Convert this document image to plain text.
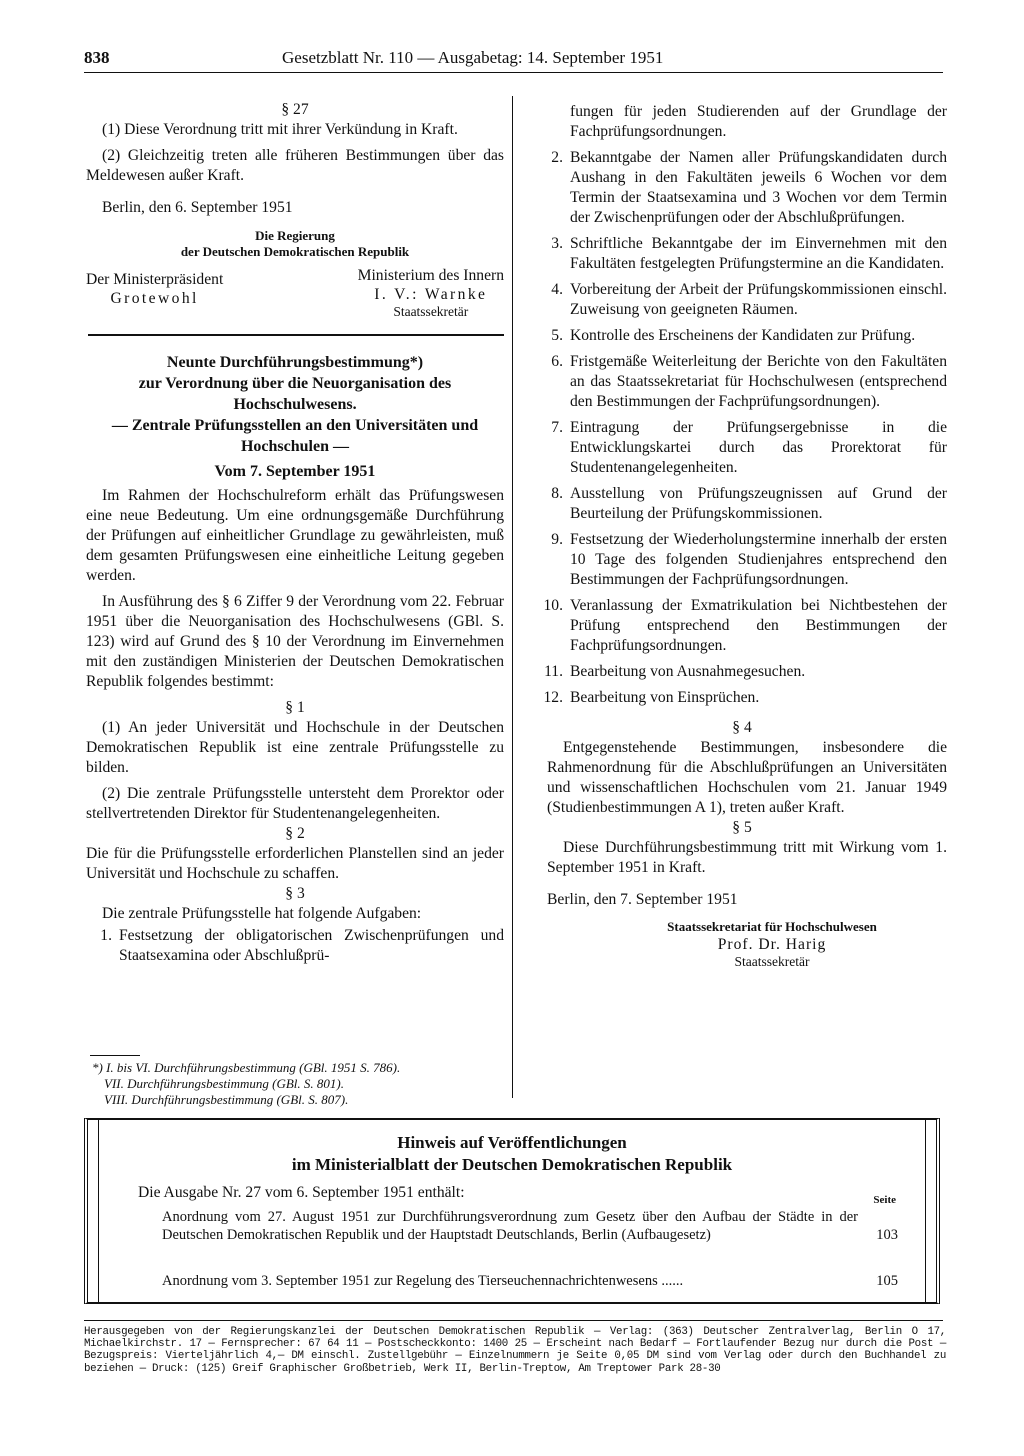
838	Gesetzblatt Nr. 110 — Ausgabetag: 14. September 1951
§ 27

(1) Diese Verordnung tritt mit ihrer Verkündung in Kraft.

(2) Gleichzeitig treten alle früheren Bestimmungen über das Meldewesen außer Kraft.

Berlin, den 6. September 1951

Die Regierung
der Deutschen Demokratischen Republik
Der Ministerpräsident
Grotewohl
Ministerium des Innern
I. V.: Warnke
Staatssekretär

Neunte Durchführungsbestimmung*)

zur Verordnung über die Neuorganisation des Hochschulwesens.

— Zentrale Prüfungsstellen an den Universitäten und Hochschulen —

Vom 7. September 1951

Im Rahmen der Hochschulreform erhält das Prüfungswesen eine neue Bedeutung. Um eine ordnungsgemäße Durchführung der Prüfungen auf einheitlicher Grundlage zu gewährleisten, muß dem gesamten Prüfungswesen eine einheitliche Leitung gegeben werden.

In Ausführung des § 6 Ziffer 9 der Verordnung vom 22. Februar 1951 über die Neuorganisation des Hochschulwesens (GBl. S. 123) wird auf Grund des § 10 der Verordnung im Einvernehmen mit den zuständigen Ministerien der Deutschen Demokratischen Republik folgendes bestimmt:

§ 1

(1) An jeder Universität und Hochschule in der Deutschen Demokratischen Republik ist eine zentrale Prüfungsstelle zu bilden.

(2) Die zentrale Prüfungsstelle untersteht dem Prorektor oder stellvertretenden Direktor für Studentenangelegenheiten.

§ 2

Die für die Prüfungsstelle erforderlichen Planstellen sind an jeder Universität und Hochschule zu schaffen.

§ 3

Die zentrale Prüfungsstelle hat folgende Aufgaben:

1. Festsetzung der obligatorischen Zwischenprüfungen und Staatsexamina oder Abschlußprü-
*) I. bis VI. Durchführungsbestimmung (GBl. 1951 S. 786).
VII. Durchführungsbestimmung (GBl. S. 801).
VIII. Durchführungsbestimmung (GBl. S. 807).
fungen für jeden Studierenden auf der Grundlage der Fachprüfungsordnungen.
2. Bekanntgabe der Namen aller Prüfungskandidaten durch Aushang in den Fakultäten jeweils 6 Wochen vor dem Termin der Staatsexamina und 3 Wochen vor dem Termin der Zwischenprüfungen oder der Abschlußprüfungen.
3. Schriftliche Bekanntgabe der im Einvernehmen mit den Fakultäten festgelegten Prüfungstermine an die Kandidaten.
4. Vorbereitung der Arbeit der Prüfungskommissionen einschl. Zuweisung von geeigneten Räumen.
5. Kontrolle des Erscheinens der Kandidaten zur Prüfung.
6. Fristgemäße Weiterleitung der Berichte von den Fakultäten an das Staatssekretariat für Hochschulwesen (entsprechend den Bestimmungen der Fachprüfungsordnungen).
7. Eintragung der Prüfungsergebnisse in die Entwicklungskartei durch das Prorektorat für Studentenangelegenheiten.
8. Ausstellung von Prüfungszeugnissen auf Grund der Beurteilung der Prüfungskommissionen.
9. Festsetzung der Wiederholungstermine innerhalb der ersten 10 Tage des folgenden Studienjahres entsprechend den Bestimmungen der Fachprüfungsordnungen.
10. Veranlassung der Exmatrikulation bei Nichtbestehen der Prüfung entsprechend den Bestimmungen der Fachprüfungsordnungen.
11. Bearbeitung von Ausnahmegesuchen.
12. Bearbeitung von Einsprüchen.
§ 4

Entgegenstehende Bestimmungen, insbesondere die Rahmenordnung für die Abschlußprüfungen an Universitäten und wissenschaftlichen Hochschulen vom 21. Januar 1949 (Studienbestimmungen A 1), treten außer Kraft.

§ 5

Diese Durchführungsbestimmung tritt mit Wirkung vom 1. September 1951 in Kraft.

Berlin, den 7. September 1951

Staatssekretariat für Hochschulwesen
Prof. Dr. Harig
Staatssekretär
Hinweis auf Veröffentlichungen
im Ministerialblatt der Deutschen Demokratischen Republik
Die Ausgabe Nr. 27 vom 6. September 1951 enthält:	Seite
Anordnung vom 27. August 1951 zur Durchführungsverordnung zum Gesetz über den Aufbau der Städte in der Deutschen Demokratischen Republik und der Hauptstadt Deutschlands, Berlin (Aufbaugesetz)	103
Anordnung vom 3. September 1951 zur Regelung des Tierseuchennachrichtenwesens ......	105
Herausgegeben von der Regierungskanzlei der Deutschen Demokratischen Republik — Verlag: (363) Deutscher Zentralverlag, Berlin O 17, Michaelkirchstr. 17 — Fernsprecher: 67 64 11 — Postscheckkonto: 1400 25 — Erscheint nach Bedarf — Fortlaufender Bezug nur durch die Post — Bezugspreis: Vierteljährlich 4,— DM einschl. Zustellgebühr — Einzelnummern je Seite 0,05 DM sind vom Verlag oder durch den Buchhandel zu beziehen — Druck: (125) Greif Graphischer Großbetrieb, Werk II, Berlin-Treptow, Am Treptower Park 28-30
